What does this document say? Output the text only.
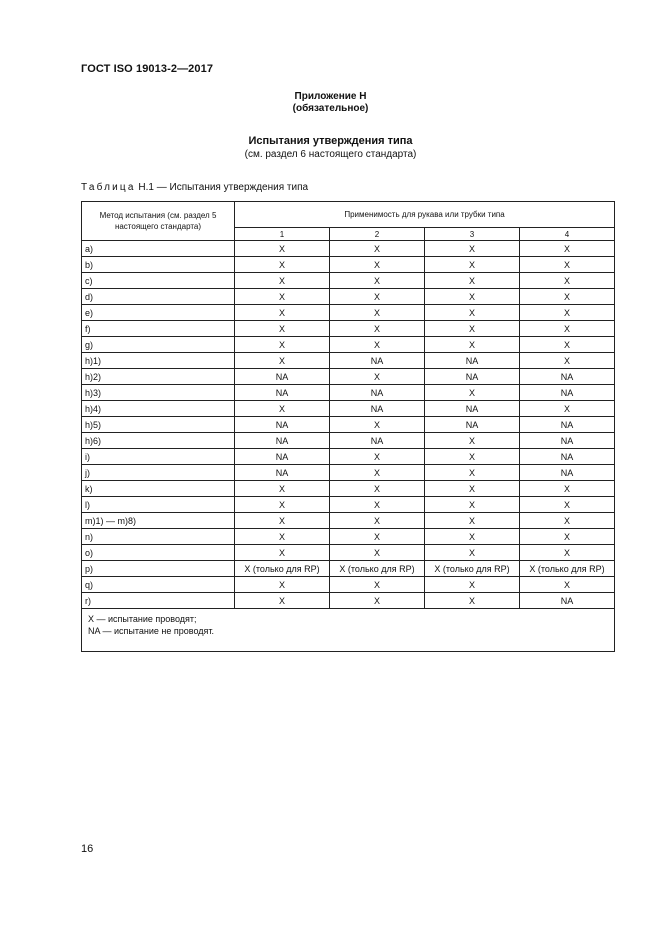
ГОСТ ISO 19013-2—2017
Приложение Н
(обязательное)
Испытания утверждения типа
(см. раздел 6 настоящего стандарта)
Таблица Н.1 — Испытания утверждения типа
Метод испытания (см. раздел 5 настоящего стандарта)	Применимость для рукава или трубки типа			
	1	2	3	4
a)	X	X	X	X
b)	X	X	X	X
c)	X	X	X	X
d)	X	X	X	X
e)	X	X	X	X
f)	X	X	X	X
g)	X	X	X	X
h)1)	X	NA	NA	X
h)2)	NA	X	NA	NA
h)3)	NA	NA	X	NA
h)4)	X	NA	NA	X
h)5)	NA	X	NA	NA
h)6)	NA	NA	X	NA
i)	NA	X	X	NA
j)	NA	X	X	NA
k)	X	X	X	X
l)	X	X	X	X
m)1) — m)8)	X	X	X	X
n)	X	X	X	X
o)	X	X	X	X
p)	X (только для RP)	X (только для RP)	X (только для RP)	X (только для RP)
q)	X	X	X	X
r)	X	X	X	NA

X — испытание проводят;
NA — испытание не проводят.				
16
